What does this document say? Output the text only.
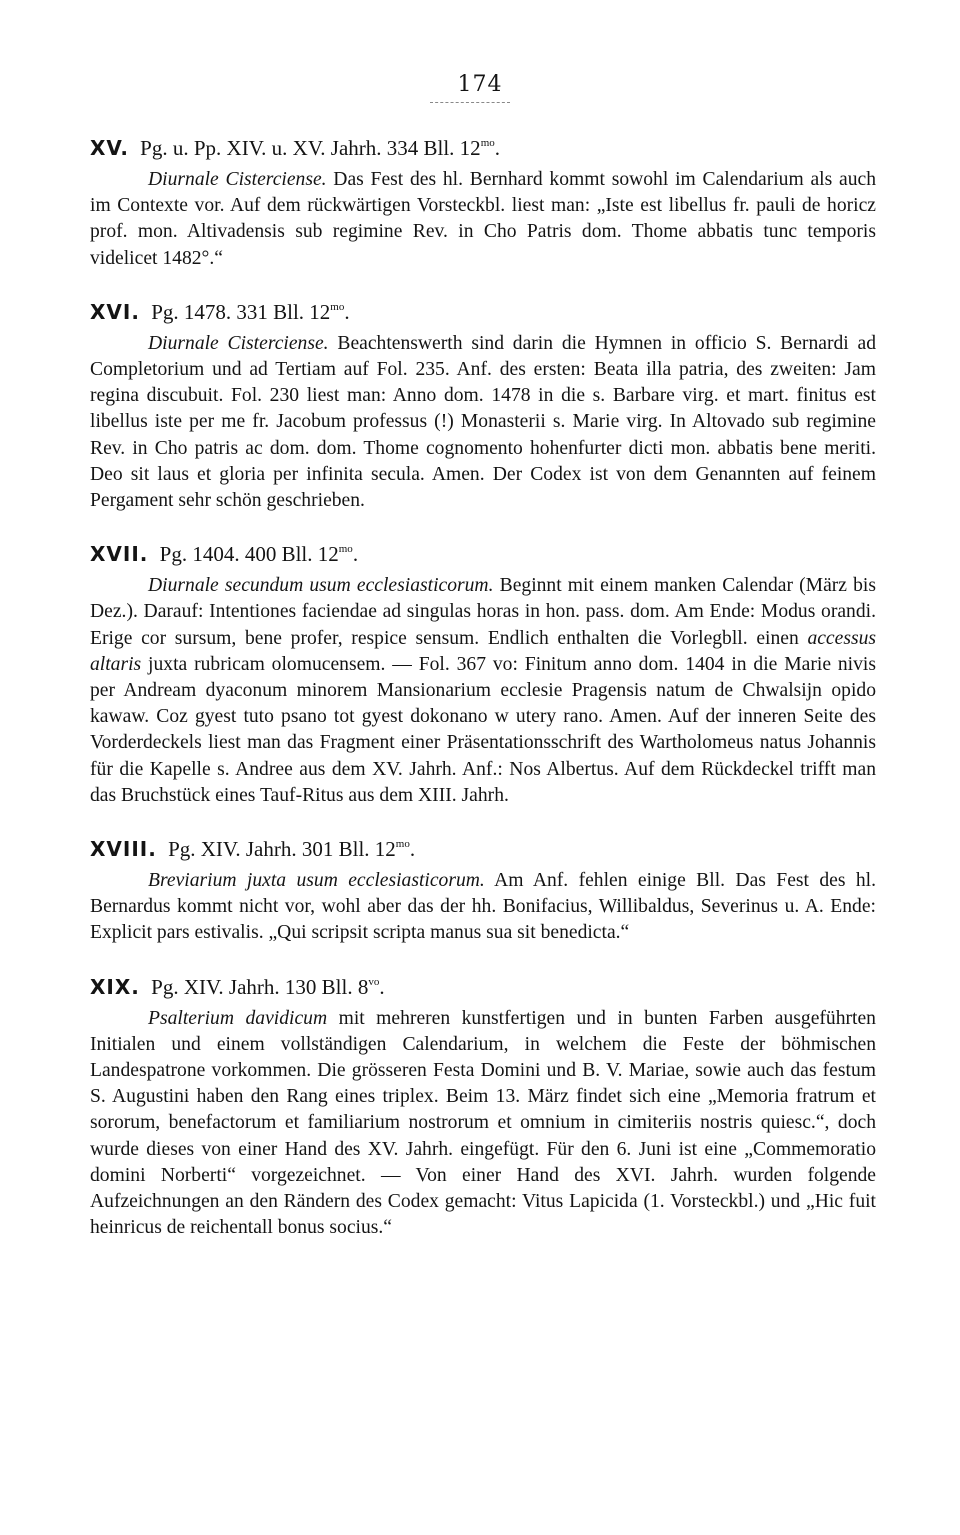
174
XV. Pg. u. Pp. XIV. u. XV. Jahrh. 334 Bll. $12^{mo}$.
Diurnale Cisterciense. Das Fest des hl. Bernhard kommt sowohl im Calendarium als auch im Contexte vor. Auf dem rückwärtigen Vorsteckbl. liest man: „Iste est libellus fr. pauli de horicz prof. mon. Altivadensis sub regimine Rev. in Cho Patris dom. Thome abbatis tunc temporis videlicet 1482°.“
XVI. Pg. 1478. 331 Bll. $12^{mo}$.
Diurnale Cisterciense. Beachtenswerth sind darin die Hymnen in officio S. Bernardi ad Completorium und ad Tertiam auf Fol. 235. Anf. des ersten: Beata illa patria, des zweiten: Jam regina discubuit. Fol. 230 liest man: Anno dom. 1478 in die s. Barbare virg. et mart. finitus est libellus iste per me fr. Jacobum professus (!) Monasterii s. Marie virg. In Altovado sub regimine Rev. in Cho patris ac dom. dom. Thome cognomento hohenfurter dicti mon. abbatis bene meriti. Deo sit laus et gloria per infinita secula. Amen. Der Codex ist von dem Genannten auf feinem Pergament sehr schön geschrieben.
XVII. Pg. 1404. 400 Bll. $12^{mo}$.
Diurnale secundum usum ecclesiasticorum. Beginnt mit einem manken Calendar (März bis Dez.). Darauf: Intentiones faciendae ad singulas horas in hon. pass. dom. Am Ende: Modus orandi. Erige cor sursum, bene profer, respice sensum. Endlich enthalten die Vorlegbll. einen accessus altaris juxta rubricam olomucensem. — Fol. 367 vo: Finitum anno dom. 1404 in die Marie nivis per Andream dyaconum minorem Mansionarium ecclesie Pragensis natum de Chwalsijn opido kawaw. Coz gyest tuto psano tot gyest dokonano w utery rano. Amen. Auf der inneren Seite des Vorderdeckels liest man das Fragment einer Präsentationsschrift des Wartholomeus natus Johannis für die Kapelle s. Andree aus dem XV. Jahrh. Anf.: Nos Albertus. Auf dem Rückdeckel trifft man das Bruchstück eines Tauf-Ritus aus dem XIII. Jahrh.
XVIII. Pg. XIV. Jahrh. 301 Bll. $12^{mo}$.
Breviarium juxta usum ecclesiasticorum. Am Anf. fehlen einige Bll. Das Fest des hl. Bernardus kommt nicht vor, wohl aber das der hh. Bonifacius, Willibaldus, Severinus u. A. Ende: Explicit pars estivalis. „Qui scripsit scripta manus sua sit benedicta.“
XIX. Pg. XIV. Jahrh. 130 Bll. $8^{vo}$.
Psalterium davidicum mit mehreren kunstfertigen und in bunten Farben ausgeführten Initialen und einem vollständigen Calendarium, in welchem die Feste der böhmischen Landespatrone vorkommen. Die grösseren Festa Domini und B. V. Mariae, sowie auch das festum S. Augustini haben den Rang eines triplex. Beim 13. März findet sich eine „Memoria fratrum et sororum, benefactorum et familiarium nostrorum et omnium in cimiteriis nostris quiesc.“, doch wurde dieses von einer Hand des XV. Jahrh. eingefügt. Für den 6. Juni ist eine „Commemoratio domini Norberti“ vorgezeichnet. — Von einer Hand des XVI. Jahrh. wurden folgende Aufzeichnungen an den Rändern des Codex gemacht: Vitus Lapicida (1. Vorsteckbl.) und „Hic fuit heinricus de reichentall bonus socius.“
